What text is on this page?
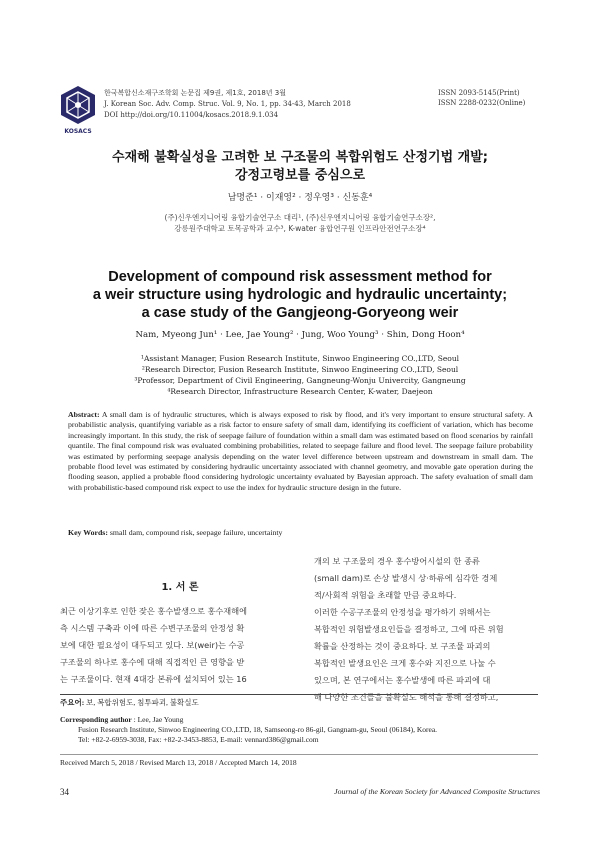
KOSACS
한국복합신소재구조학회 논문집 제9권, 제1호, 2018년 3월
J. Korean Soc. Adv. Comp. Struc. Vol. 9, No. 1, pp. 34-43, March 2018
DOI http://doi.org/10.11004/kosacs.2018.9.1.034
ISSN 2093-5145(Print)
ISSN 2288-0232(Online)
수재해 불확실성을 고려한 보 구조물의 복합위험도 산정기법 개발;
강정고령보를 중심으로
남명준¹ · 이재영² · 정우영³ · 신동훈⁴
(주)신우엔지니어링 융합기술연구소 대리¹, (주)신우엔지니어링 융합기술연구소장²,
강릉원주대학교 토목공학과 교수³, K-water 융합연구원 인프라안전연구소장⁴
Development of compound risk assessment method for
a weir structure using hydrologic and hydraulic uncertainty;
a case study of the Gangjeong-Goryeong weir
Nam, Myeong Jun¹ · Lee, Jae Young² · Jung, Woo Young³ · Shin, Dong Hoon⁴
¹Assistant Manager, Fusion Research Institute, Sinwoo Engineering CO.,LTD, Seoul
²Research Director, Fusion Research Institute, Sinwoo Engineering CO.,LTD, Seoul
³Professor, Department of Civil Engineering, Gangneung-Wonju Univercity, Gangneung
⁴Research Director, Infrastructure Research Center, K-water, Daejeon
Abstract: A small dam is of hydraulic structures, which is always exposed to risk by flood, and it's very important to ensure structural safety. A probabilistic analysis, quantifying variable as a risk factor to ensure safety of small dam, identifying its coefficient of variation, which has become increasingly important. In this study, the risk of seepage failure of foundation within a small dam was estimated based on flood scenarios by rainfall quantile. The final compound risk was evaluated combining probabilities, related to seepage failure and flood level. The seepage failure probability was estimated by performing seepage analysis depending on the water level difference between upstream and downstream in small dam. The probable flood level was estimated by considering hydraulic uncertainty associated with channel geometry, and movable gate operation during the flooding season, applied a probable flood considering hydrologic uncertainty evaluated by Bayesian approach. The safety evaluation of small dam with probabilistic-based compound risk expect to use the index for hydraulic structure design in the future.
Key Words: small dam, compound risk, seepage failure, uncertainty
1. 서 론
최근 이상기후로 인한 잦은 홍수발생으로 홍수재해에
측 시스템 구축과 이에 따른 수변구조물의 안정성 확
보에 대한 필요성이 대두되고 있다. 보(weir)는 수공
구조물의 하나로 홍수에 대해 직접적인 큰 영향을 받
는 구조물이다. 현재 4대강 본류에 설치되어 있는 16
개의 보 구조물의 경우 홍수방어시설의 한 종류
(small dam)로 손상 발생시 상·하류에 심각한 경제
적/사회적 위험을 초래할 만큼 중요하다.
이러한 수공구조물의 안정성을 평가하기 위해서는
복합적인 위험발생요인들을 결정하고, 그에 따른 위험
확률을 산정하는 것이 중요하다. 보 구조물 파괴의
복합적인 발생요인은 크게 홍수와 지진으로 나눌 수
있으며, 본 연구에서는 홍수발생에 따른 파괴에 대
해 다양한 조건들을 불확실도 해석을 통해 결정하고,
주요어: 보, 복합위험도, 침투파괴, 불확실도
Corresponding author : Lee, Jae Young
Fusion Research Institute, Sinwoo Engineering CO.,LTD, 18, Samseong-ro 86-gil, Gangnam-gu, Seoul (06184), Korea.
Tel: +82-2-6959-3038, Fax: +82-2-3453-8853, E-mail: vennard386@gmail.com
Received March 5, 2018 / Revised March 13, 2018 / Accepted March 14, 2018
34	Journal of the Korean Society for Advanced Composite Structures
